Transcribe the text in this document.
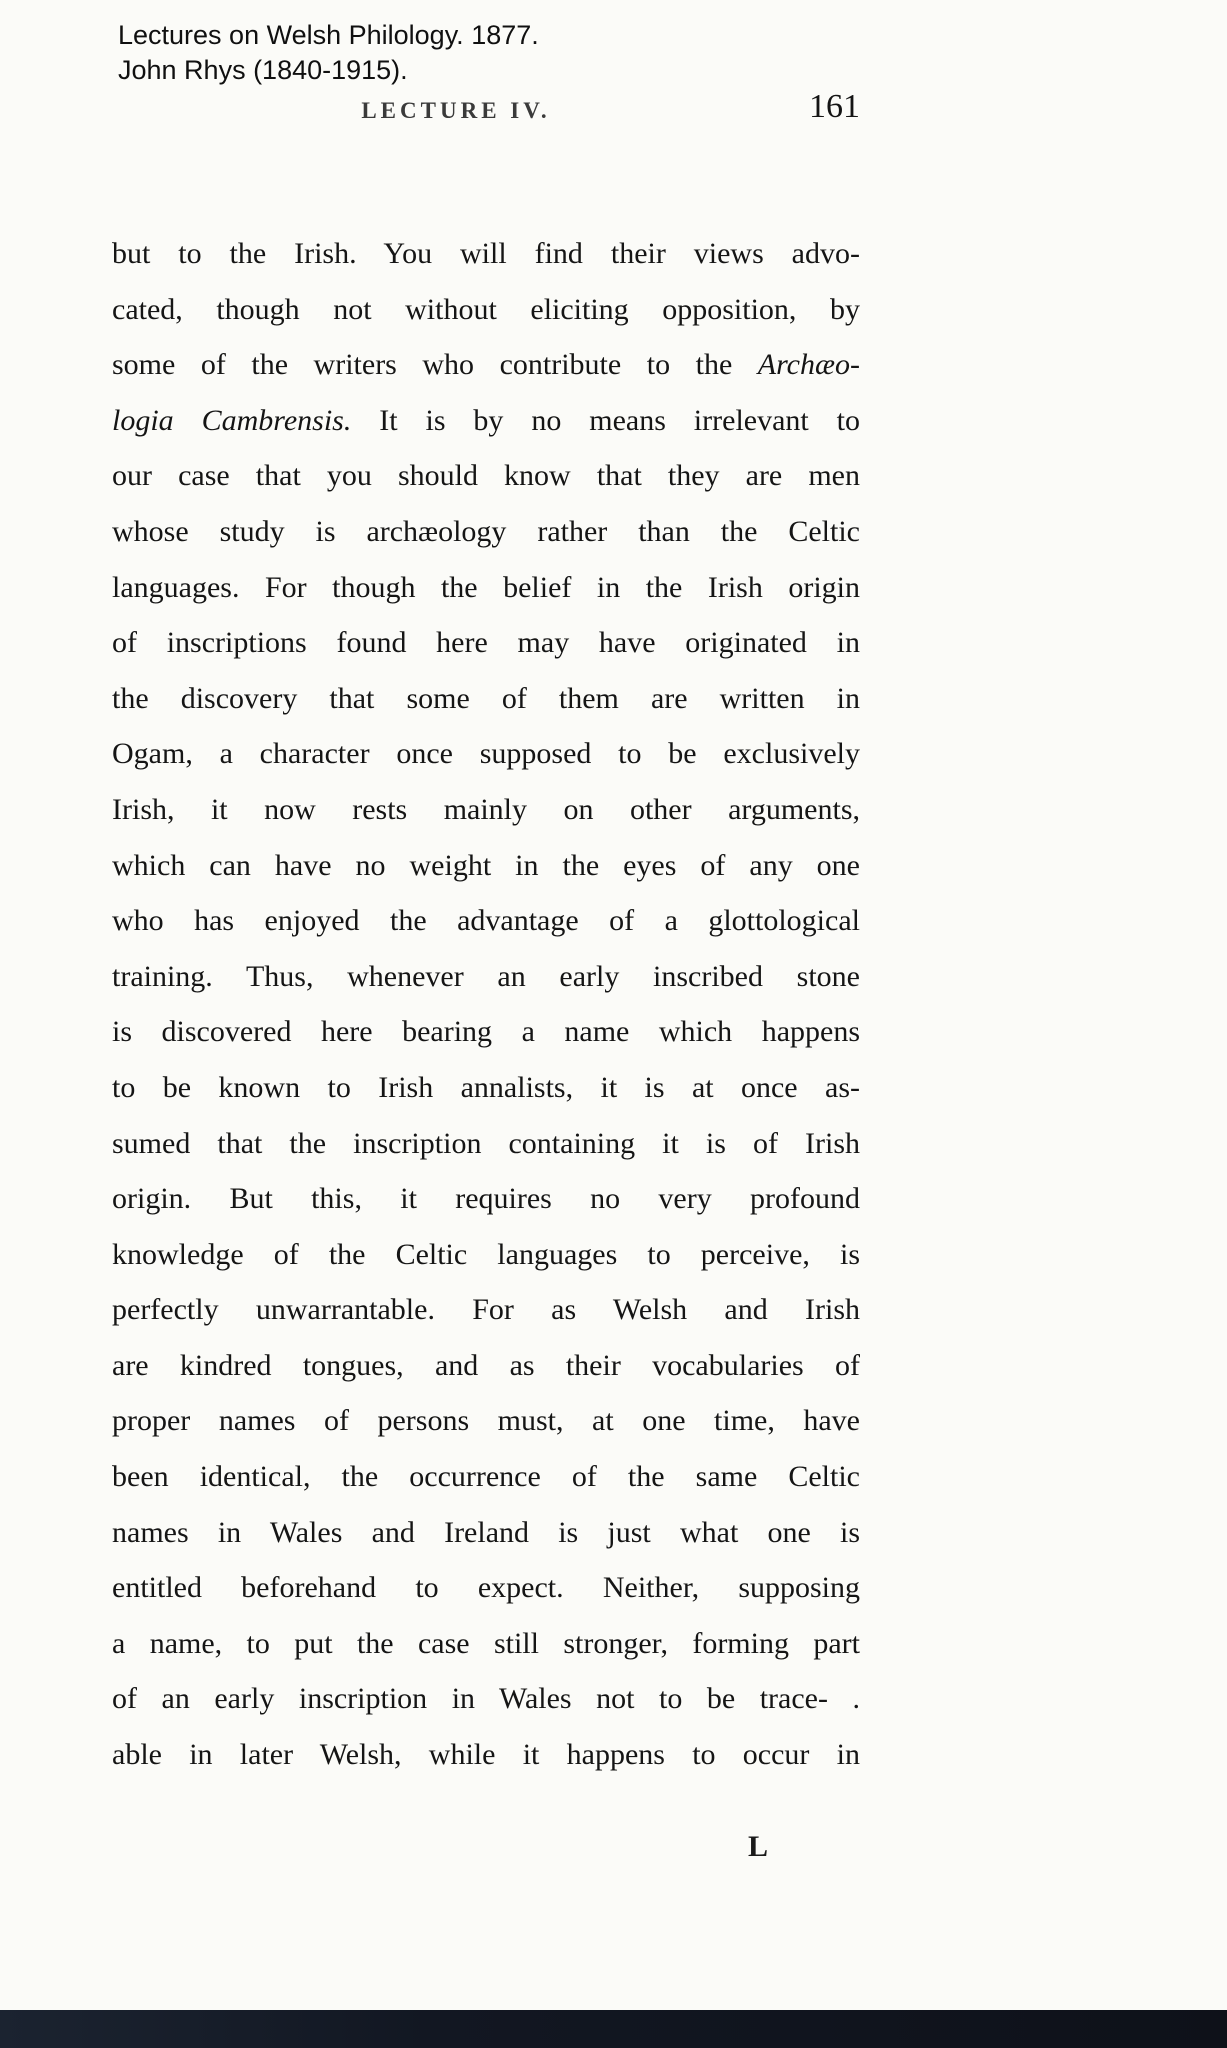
Lectures on Welsh Philology. 1877.
John Rhys (1840-1915).
LECTURE IV.	161
but to the Irish. You will find their views advo-
cated, though not without eliciting opposition, by
some of the writers who contribute to the Archæo-
logia Cambrensis. It is by no means irrelevant to
our case that you should know that they are men
whose study is archæology rather than the Celtic
languages. For though the belief in the Irish origin
of inscriptions found here may have originated in
the discovery that some of them are written in
Ogam, a character once supposed to be exclusively
Irish, it now rests mainly on other arguments,
which can have no weight in the eyes of any one
who has enjoyed the advantage of a glottological
training. Thus, whenever an early inscribed stone
is discovered here bearing a name which happens
to be known to Irish annalists, it is at once as-
sumed that the inscription containing it is of Irish
origin. But this, it requires no very profound
knowledge of the Celtic languages to perceive, is
perfectly unwarrantable. For as Welsh and Irish
are kindred tongues, and as their vocabularies of
proper names of persons must, at one time, have
been identical, the occurrence of the same Celtic
names in Wales and Ireland is just what one is
entitled beforehand to expect. Neither, supposing
a name, to put the case still stronger, forming part
of an early inscription in Wales not to be trace- .
able in later Welsh, while it happens to occur in
L
